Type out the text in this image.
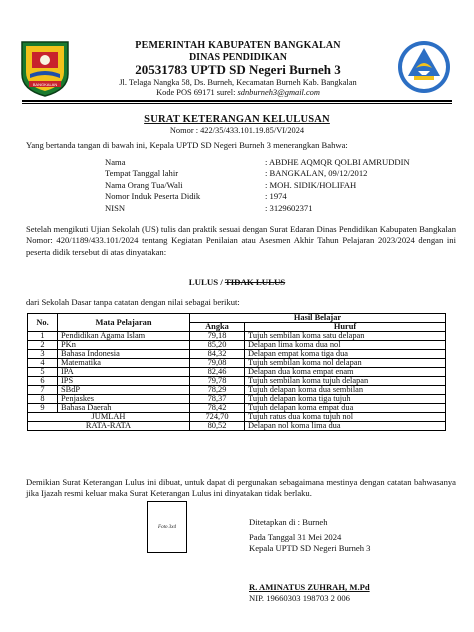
BANGKALAN
PEMERINTAH KABUPATEN BANGKALAN
DINAS PENDIDIKAN
20531783 UPTD SD Negeri Burneh 3
Jl. Telaga Nangka 58, Ds. Burneh, Kecamatan Burneh Kab. Bangkalan
Kode POS 69171 surel: sdnburneh3@gmail.com
SURAT KETERANGAN KELULUSAN
Nomor : 422/35/433.101.19.85/VI/2024
Yang bertanda tangan di bawah ini, Kepala UPTD SD Negeri Burneh 3 menerangkan Bahwa:
Nama	: ABDHE AQMQR QOLBI AMRUDDIN
Tempat Tanggal lahir	: BANGKALAN, 09/12/2012
Nama Orang Tua/Wali	: MOH. SIDIK/HOLIFAH
Nomor Induk Peserta Didik	: 1974
NISN	: 3129602371
Setelah mengikuti Ujian Sekolah (US) tulis dan praktik sesuai dengan Surat Edaran Dinas Pendidikan Kabupaten Bangkalan Nomor: 420/1189/433.101/2024 tentang Kegiatan Penilaian atau Asesmen Akhir Tahun Pelajaran 2023/2024 dengan ini peserta didik tersebut di atas dinyatakan:
LULUS / TIDAK LULUS
dari Sekolah Dasar tanpa catatan dengan nilai sebagai berikut:
No.	Mata Pelajaran	Hasil Belajar	
		Angka	Huruf
1	Pendidikan Agama Islam	79,18	Tujuh sembilan koma satu delapan
2	PKn	85,20	Delapan lima koma dua nol
3	Bahasa Indonesia	84,32	Delapan empat koma tiga dua
4	Matematika	79,08	Tujuh sembilan koma nol delapan
5	IPA	82,46	Delapan dua koma empat enam
6	IPS	79,78	Tujuh sembilan koma tujuh delapan
7	SBdP	78,29	Tujuh delapan koma dua sembilan
8	Penjaskes	78,37	Tujuh delapan koma tiga tujuh
9	Bahasa Daerah	78,42	Tujuh delapan koma empat dua
JUMLAH		724,70	Tujuh ratus dua koma tujuh nol
RATA-RATA		80,52	Delapan nol koma lima dua
Demikian Surat Keterangan Lulus ini dibuat, untuk dapat di pergunakan sebagaimana mestinya dengan catatan bahwasanya jika Ijazah resmi keluar maka Surat Keterangan Lulus ini dinyatakan tidak berlaku.
Foto 3x4	Ditetapkan di : Burneh
Pada Tanggal 31 Mei 2024
Kepala UPTD SD Negeri Burneh 3
R. AMINATUS ZUHRAH, M.Pd
NIP. 19660303 198703 2 006
